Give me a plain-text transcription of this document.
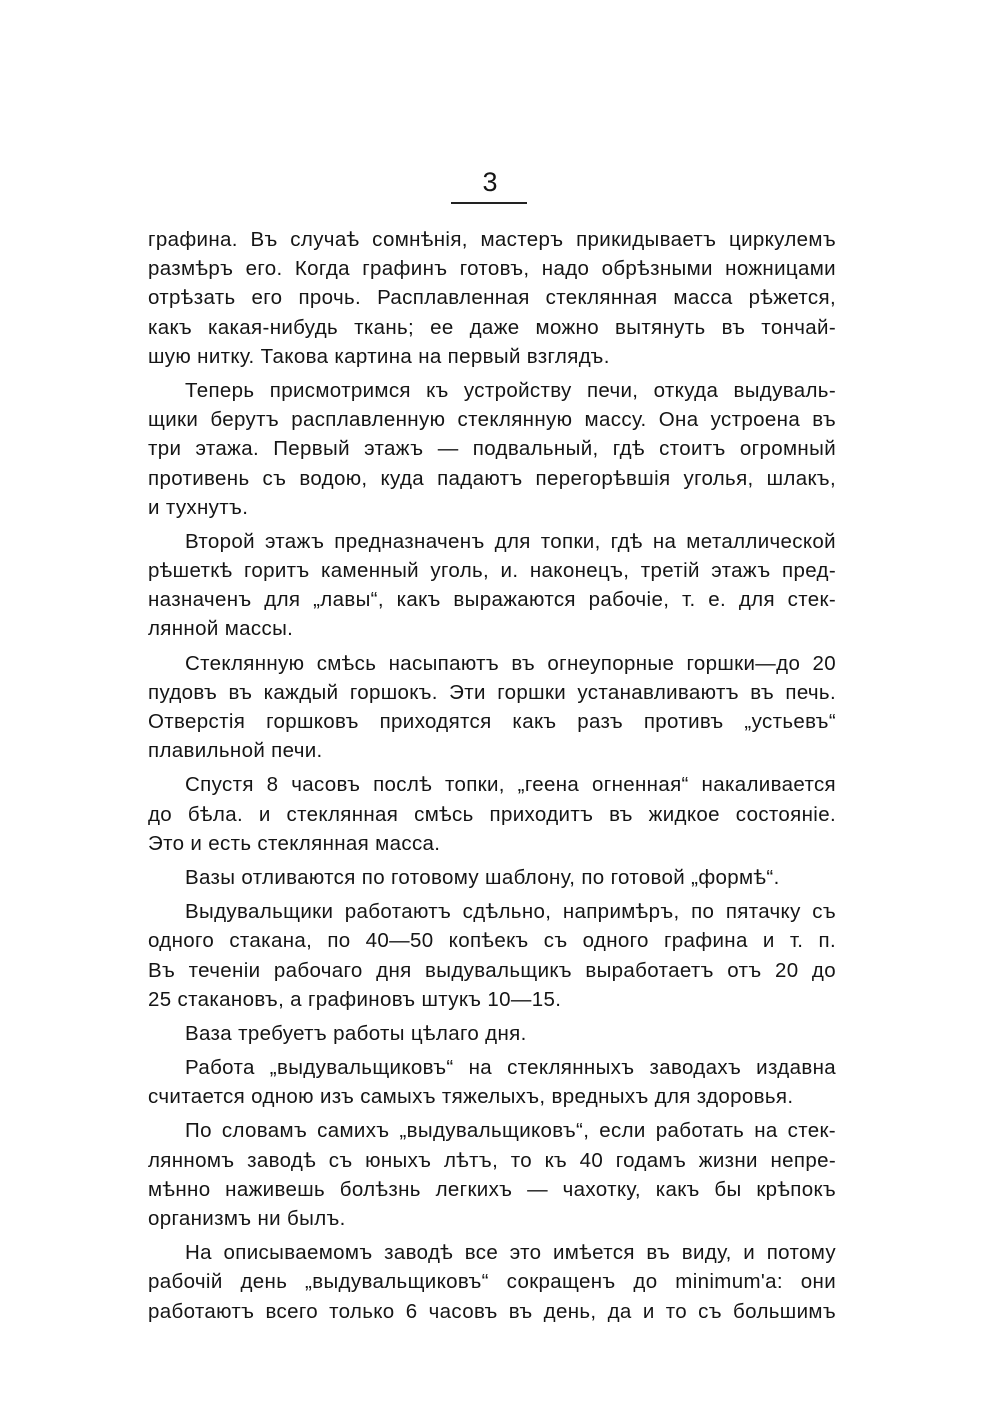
3

графина. Въ случаѣ сомнѣнія, мастеръ прикидываетъ циркулемъ
размѣръ его. Когда графинъ готовъ, надо обрѣзными ножницами
отрѣзать его прочь. Расплавленная стеклянная масса рѣжется,
какъ какая-нибудь ткань; ее даже можно вытянуть въ тончай-
шую нитку. Такова картина на первый взглядъ.

Теперь присмотримся къ устройству печи, откуда выдуваль-
щики берутъ расплавленную стеклянную массу. Она устроена въ
три этажа. Первый этажъ — подвальный, гдѣ стоитъ огромный
противень съ водою, куда падаютъ перегорѣвшія уголья, шлакъ,
и тухнутъ.

Второй этажъ предназначенъ для топки, гдѣ на металлической
рѣшеткѣ горитъ каменный уголь, и. наконецъ, третій этажъ пред-
назначенъ для „лавы“, какъ выражаются рабочіе, т. е. для стек-
лянной массы.

Стеклянную смѣсь насыпаютъ въ огнеупорные горшки—до 20
пудовъ въ каждый горшокъ. Эти горшки устанавливаютъ въ печь.
Отверстія горшковъ приходятся какъ разъ противъ „устьевъ“
плавильной печи.

Спустя 8 часовъ послѣ топки, „геена огненная“ накаливается
до бѣла. и стеклянная смѣсь приходитъ въ жидкое состояніе.
Это и есть стеклянная масса.

Вазы отливаются по готовому шаблону, по готовой „формѣ“.

Выдувальщики работаютъ сдѣльно, напримѣръ, по пятачку съ
одного стакана, по 40—50 копѣекъ съ одного графина и т. п.
Въ теченіи рабочаго дня выдувальщикъ выработаетъ отъ 20 до
25 стакановъ, а графиновъ штукъ 10—15.

Ваза требуетъ работы цѣлаго дня.

Работа „выдувальщиковъ“ на стеклянныхъ заводахъ издавна
считается одною изъ самыхъ тяжелыхъ, вредныхъ для здоровья.

По словамъ самихъ „выдувальщиковъ“, если работать на стек-
лянномъ заводѣ съ юныхъ лѣтъ, то къ 40 годамъ жизни непре-
мѣнно наживешь болѣзнь легкихъ — чахотку, какъ бы крѣпокъ
организмъ ни былъ.

На описываемомъ заводѣ все это имѣется въ виду, и потому
рабочій день „выдувальщиковъ“ сокращенъ до minimum'а: они
работаютъ всего только 6 часовъ въ день, да и то съ большимъ
